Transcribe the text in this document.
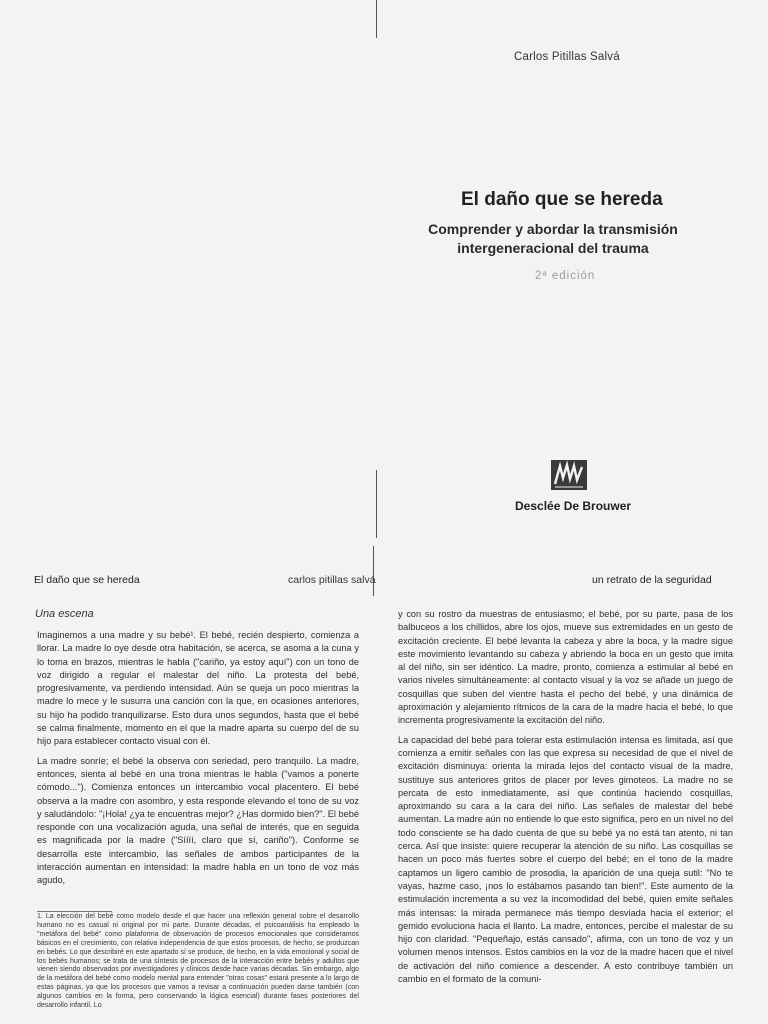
Carlos Pitillas Salvá
El daño que se hereda
Comprender y abordar la transmisión
intergeneracional del trauma
2ª edición
Desclée De Brouwer
El daño que se hereda	carlos pitillas salvá
Una escena

Imaginemos a una madre y su bebé¹. El bebé, recién despierto, comienza a llorar. La madre lo oye desde otra habitación, se acerca, se asoma a la cuna y lo toma en brazos, mientras le habla ("cariño, ya estoy aquí") con un tono de voz dirigido a regular el malestar del niño. La protesta del bebé, progresivamente, va perdiendo intensidad. Aún se queja un poco mientras la madre lo mece y le susurra una canción con la que, en ocasiones anteriores, su hijo ha podido tranquilizarse. Esto dura unos segundos, hasta que el bebé se calma finalmente, momento en el que la madre aparta su cuerpo del de su hijo para establecer contacto visual con él.

La madre sonríe; el bebé la observa con seriedad, pero tranquilo. La madre, entonces, sienta al bebé en una trona mientras le habla ("vamos a ponerte cómodo..."). Comienza entonces un intercambio vocal placentero. El bebé observa a la madre con asombro, y esta responde elevando el tono de su voz y saludándolo: "¡Hola! ¿ya te encuentras mejor? ¿Has dormido bien?". El bebé responde con una vocalización aguda, una señal de interés, que en seguida es magnificada por la madre ("Síííí, claro que sí, cariño"). Conforme se desarrolla este intercambio, las señales de ambos participantes de la interacción aumentan en intensidad: la madre habla en un tono de voz más agudo,

1. La elección del bebé como modelo desde el que hacer una reflexión general sobre el desarrollo humano no es casual ni original por mi parte. Durante décadas, el psicoanálisis ha empleado la "metáfora del bebé" como plataforma de observación de procesos emocionales que consideramos básicos en el crecimiento, con relativa independencia de que estos procesos, de hecho, se produzcan en bebés. Lo que describiré en este apartado sí se produce, de hecho, en la vida emocional y social de los bebés humanos; se trata de una síntesis de procesos de la interacción entre bebés y adultos que vienen siendo observados por investigadores y clínicos desde hace varias décadas. Sin embargo, algo de la metáfora del bebé como modelo mental para entender "otras cosas" estará presente a lo largo de estas páginas, ya que los procesos que vamos a revisar a continuación pueden darse también (con algunos cambios en la forma, pero conservando la lógica esencial) durante fases posteriores del desarrollo infantil. Lo
un retrato de la seguridad

y con su rostro da muestras de entusiasmo; el bebé, por su parte, pasa de los balbuceos a los chillidos, abre los ojos, mueve sus extremidades en un gesto de excitación creciente. El bebé levanta la cabeza y abre la boca, y la madre sigue este movimiento levantando su cabeza y abriendo la boca en un gesto que imita al del niño, sin ser idéntico. La madre, pronto, comienza a estimular al bebé en varios niveles simultáneamente: al contacto visual y la voz se añade un juego de cosquillas que suben del vientre hasta el pecho del bebé, y una dinámica de aproximación y alejamiento rítmicos de la cara de la madre hacia el bebé, lo que incrementa progresivamente la excitación del niño.

La capacidad del bebé para tolerar esta estimulación intensa es limitada, así que comienza a emitir señales con las que expresa su necesidad de que el nivel de excitación disminuya: orienta la mirada lejos del contacto visual de la madre, sustituye sus anteriores gritos de placer por leves gimoteos. La madre no se percata de esto inmediatamente, así que continúa haciendo cosquillas, aproximando su cara a la cara del niño. Las señales de malestar del bebé aumentan. La madre aún no entiende lo que esto significa, pero en un nivel no del todo consciente se ha dado cuenta de que su bebé ya no está tan atento, ni tan cerca. Así que insiste: quiere recuperar la atención de su niño. Las cosquillas se hacen un poco más fuertes sobre el cuerpo del bebé; en el tono de la madre captamos un ligero cambio de prosodia, la aparición de una queja sutil: "No te vayas, hazme caso, ¡nos lo estábamos pasando tan bien!". Este aumento de la estimulación incrementa a su vez la incomodidad del bebé, quien emite señales más intensas: la mirada permanece más tiempo desviada hacia el exterior; el gemido evoluciona hacia el llanto. La madre, entonces, percibe el malestar de su hijo con claridad. "Pequeñajo, estás cansado", afirma, con un tono de voz y un volumen menos intensos. Estos cambios en la voz de la madre hacen que el nivel de activación del niño comience a descender. A esto contribuye también un cambio en el formato de la comuni-
